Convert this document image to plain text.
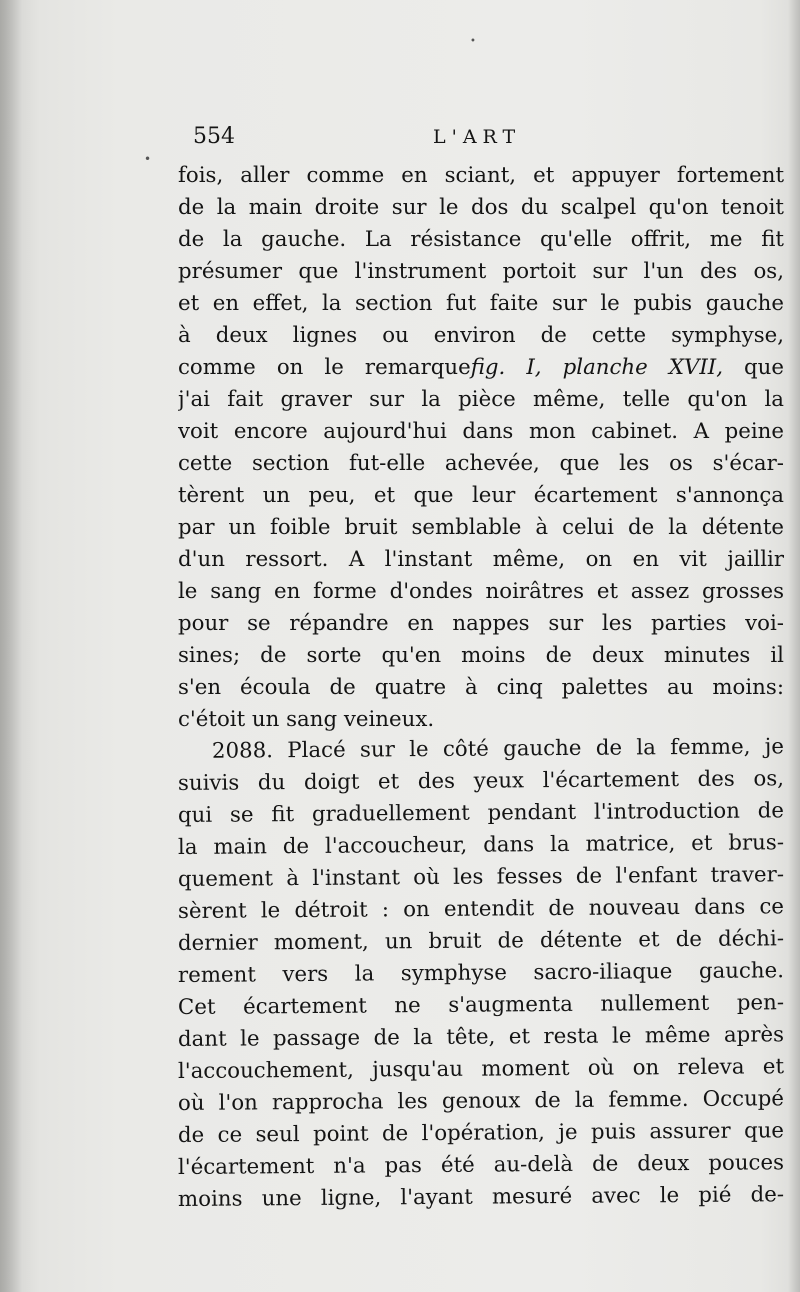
•
•
554	L'ART
fois, aller comme en sciant, et appuyer fortement
de la main droite sur le dos du scalpel qu'on tenoit
de la gauche. La résistance qu'elle offrit, me fit
présumer que l'instrument portoit sur l'un des os,
et en effet, la section fut faite sur le pubis gauche
à deux lignes ou environ de cette symphyse,
comme on le remarquefig. I, planche XVII, que
j'ai fait graver sur la pièce même, telle qu'on la
voit encore aujourd'hui dans mon cabinet. A peine
cette section fut-elle achevée, que les os s'écar-
tèrent un peu, et que leur écartement s'annonça
par un foible bruit semblable à celui de la détente
d'un ressort. A l'instant même, on en vit jaillir
le sang en forme d'ondes noirâtres et assez grosses
pour se répandre en nappes sur les parties voi-
sines; de sorte qu'en moins de deux minutes il
s'en écoula de quatre à cinq palettes au moins:
c'étoit un sang veineux.
2088. Placé sur le côté gauche de la femme, je
suivis du doigt et des yeux l'écartement des os,
qui se fit graduellement pendant l'introduction de
la main de l'accoucheur, dans la matrice, et brus-
quement à l'instant où les fesses de l'enfant traver-
sèrent le détroit : on entendit de nouveau dans ce
dernier moment, un bruit de détente et de déchi-
rement vers la symphyse sacro-iliaque gauche.
Cet écartement ne s'augmenta nullement pen-
dant le passage de la tête, et resta le même après
l'accouchement, jusqu'au moment où on releva et
où l'on rapprocha les genoux de la femme. Occupé
de ce seul point de l'opération, je puis assurer que
l'écartement n'a pas été au-delà de deux pouces
moins une ligne, l'ayant mesuré avec le pié de-
